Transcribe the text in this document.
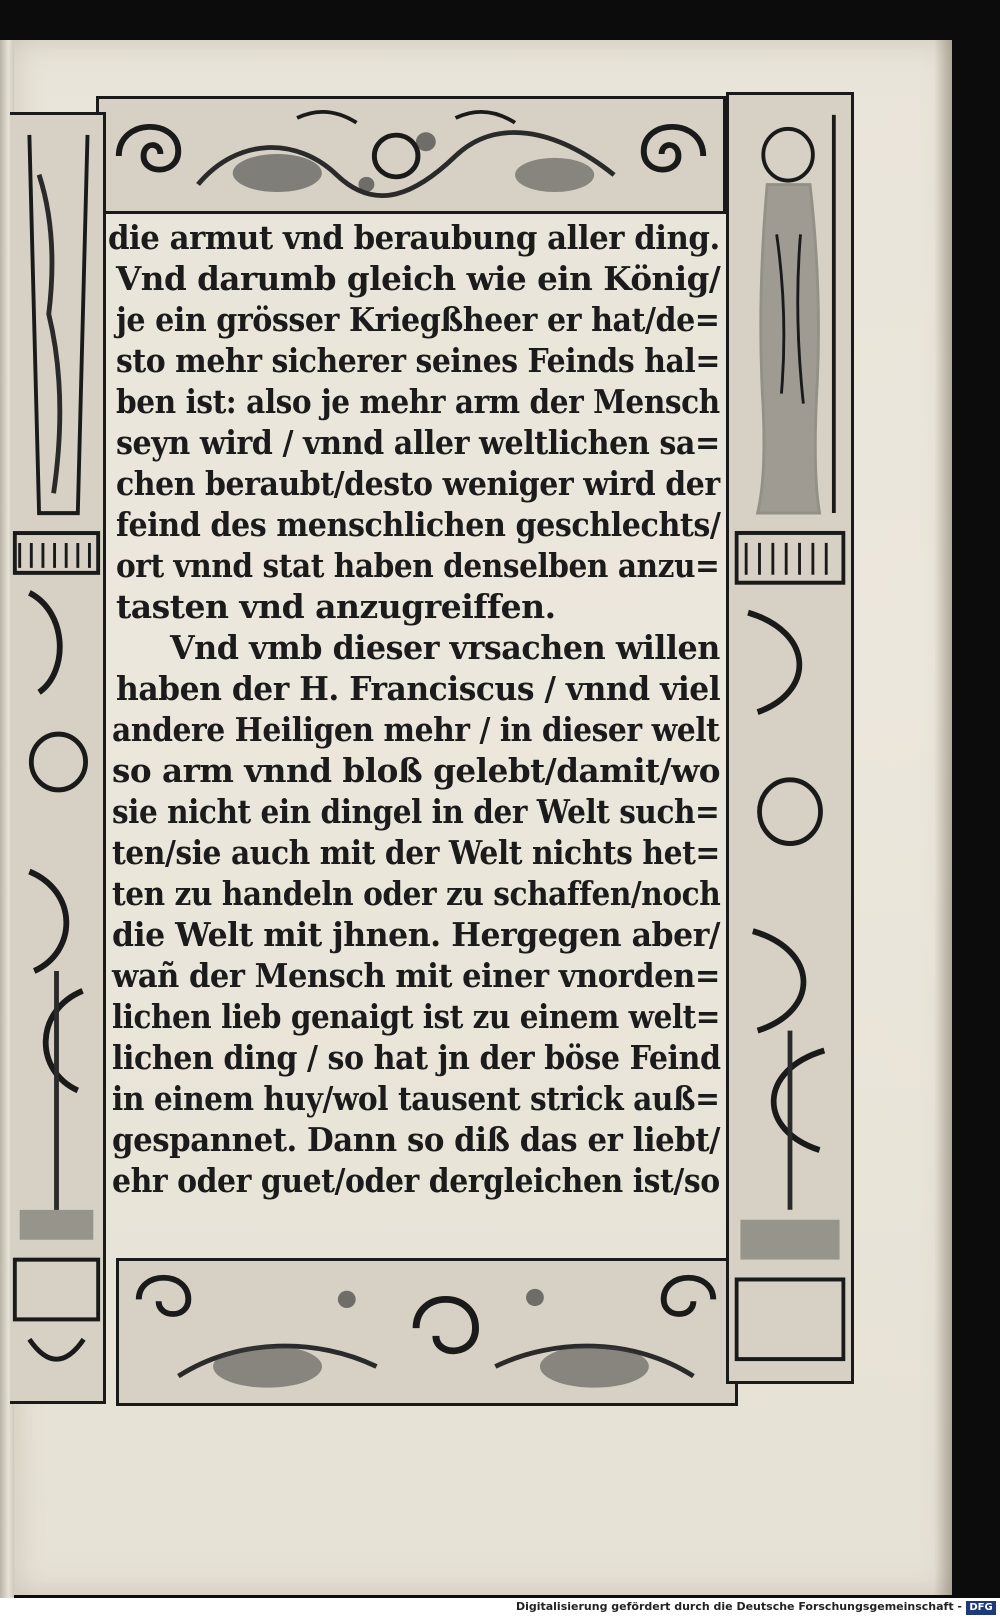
die armut vnd beraubung aller ding.
Vnd darumb gleich wie ein König/
je ein grösser Kriegßheer er hat/de=
sto mehr sicherer seines Feinds hal=
ben ist: also je mehr arm der Mensch
seyn wird / vnnd aller weltlichen sa=
chen beraubt/desto weniger wird der
feind des menschlichen geschlechts/
ort vnnd stat haben denselben anzu=
tasten vnd anzugreiffen.
Vnd vmb dieser vrsachen willen
haben der H. Franciscus / vnnd viel
andere Heiligen mehr / in dieser welt
so arm vnnd bloß gelebt/damit/wo
sie nicht ein dingel in der Welt such=
ten/sie auch mit der Welt nichts het=
ten zu handeln oder zu schaffen/noch
die Welt mit jhnen. Hergegen aber/
wañ der Mensch mit einer vnorden=
lichen lieb genaigt ist zu einem welt=
lichen ding / so hat jn der böse Feind
in einem huy/wol tausent strick auß=
gespannet. Dann so diß das er liebt/
ehr oder guet/oder dergleichen ist/so
Digitalisierung gefördert durch die Deutsche Forschungsgemeinschaft - DFG
